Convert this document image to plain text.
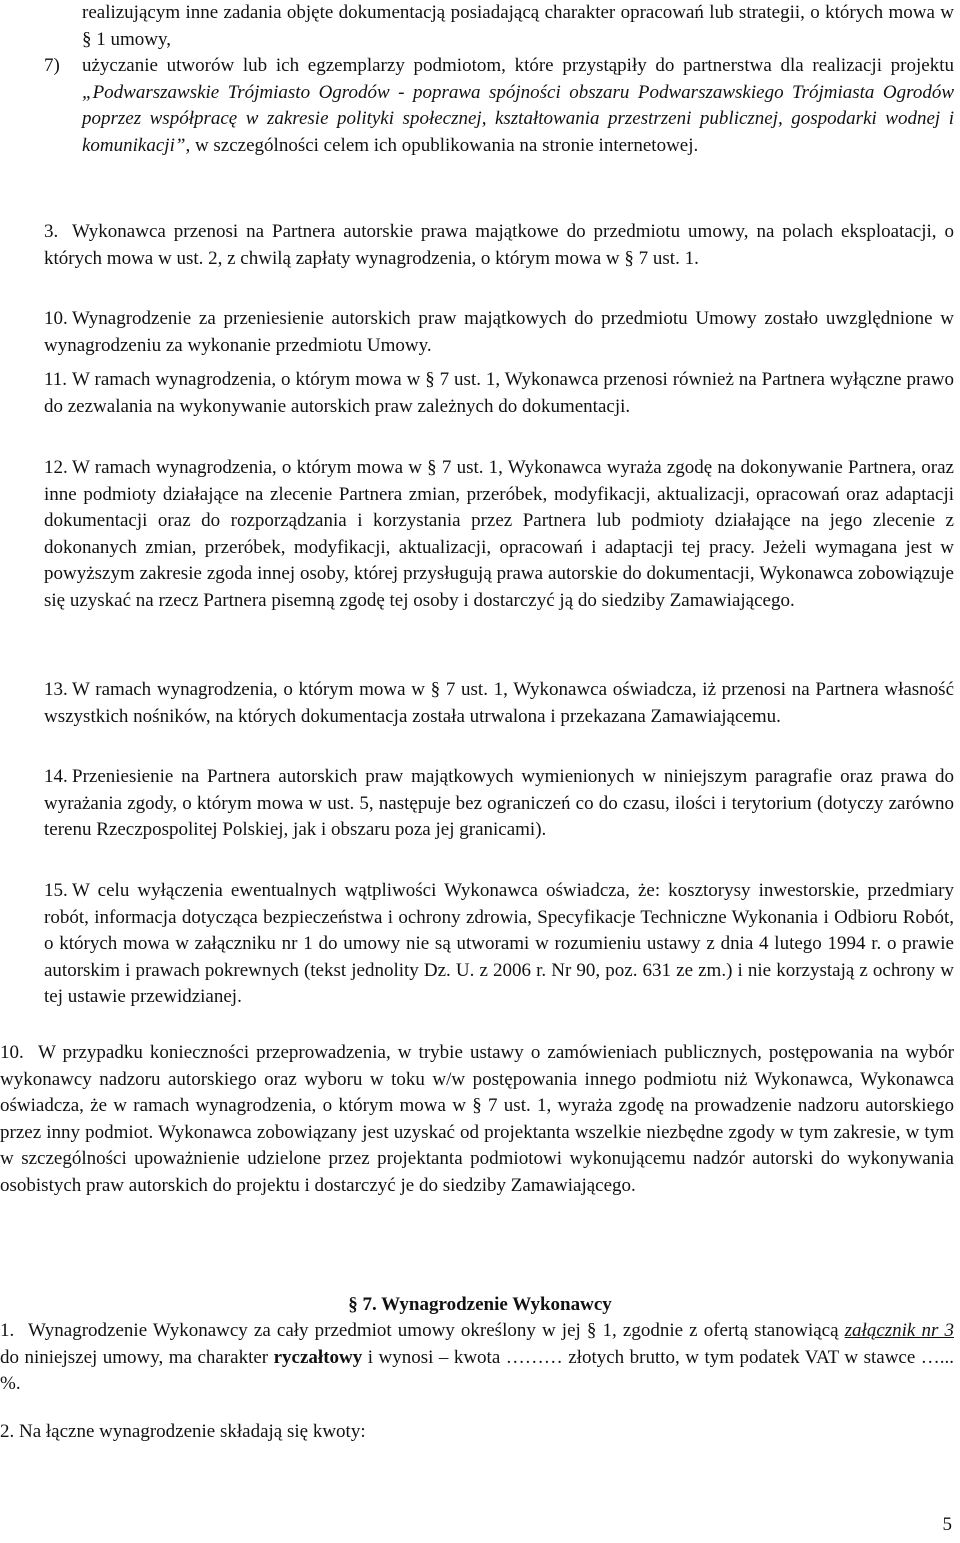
realizującym inne zadania objęte dokumentacją posiadającą charakter opracowań lub strategii, o których mowa w § 1 umowy,

7) użyczanie utworów lub ich egzemplarzy podmiotom, które przystąpiły do partnerstwa dla realizacji projektu „Podwarszawskie Trójmiasto Ogrodów - poprawa spójności obszaru Podwarszawskiego Trójmiasta Ogrodów poprzez współpracę w zakresie polityki społecznej, kształtowania przestrzeni publicznej, gospodarki wodnej i komunikacji”, w szczególności celem ich opublikowania na stronie internetowej.

3. Wykonawca przenosi na Partnera autorskie prawa majątkowe do przedmiotu umowy, na polach eksploatacji, o których mowa w ust. 2, z chwilą zapłaty wynagrodzenia, o którym mowa w § 7 ust. 1.

10. Wynagrodzenie za przeniesienie autorskich praw majątkowych do przedmiotu Umowy zostało uwzględnione w wynagrodzeniu za wykonanie przedmiotu Umowy.

11. W ramach wynagrodzenia, o którym mowa w § 7 ust. 1, Wykonawca przenosi również na Partnera wyłączne prawo do zezwalania na wykonywanie autorskich praw zależnych do dokumentacji.

12. W ramach wynagrodzenia, o którym mowa w § 7 ust. 1, Wykonawca wyraża zgodę na dokonywanie Partnera, oraz inne podmioty działające na zlecenie Partnera zmian, przeróbek, modyfikacji, aktualizacji, opracowań oraz adaptacji dokumentacji oraz do rozporządzania i korzystania przez Partnera lub podmioty działające na jego zlecenie z dokonanych zmian, przeróbek, modyfikacji, aktualizacji, opracowań i adaptacji tej pracy. Jeżeli wymagana jest w powyższym zakresie zgoda innej osoby, której przysługują prawa autorskie do dokumentacji, Wykonawca zobowiązuje się uzyskać na rzecz Partnera pisemną zgodę tej osoby i dostarczyć ją do siedziby Zamawiającego.

13. W ramach wynagrodzenia, o którym mowa w § 7 ust. 1, Wykonawca oświadcza, iż przenosi na Partnera własność wszystkich nośników, na których dokumentacja została utrwalona i przekazana Zamawiającemu.

14. Przeniesienie na Partnera autorskich praw majątkowych wymienionych w niniejszym paragrafie oraz prawa do wyrażania zgody, o którym mowa w ust. 5, następuje bez ograniczeń co do czasu, ilości i terytorium (dotyczy zarówno terenu Rzeczpospolitej Polskiej, jak i obszaru poza jej granicami).

15. W celu wyłączenia ewentualnych wątpliwości Wykonawca oświadcza, że: kosztorysy inwestorskie, przedmiary robót, informacja dotycząca bezpieczeństwa i ochrony zdrowia, Specyfikacje Techniczne Wykonania i Odbioru Robót, o których mowa w załączniku nr 1 do umowy nie są utworami w rozumieniu ustawy z dnia 4 lutego 1994 r. o prawie autorskim i prawach pokrewnych (tekst jednolity Dz. U. z 2006 r. Nr 90, poz. 631 ze zm.) i nie korzystają z ochrony w tej ustawie przewidzianej.

10. W przypadku konieczności przeprowadzenia, w trybie ustawy o zamówieniach publicznych, postępowania na wybór wykonawcy nadzoru autorskiego oraz wyboru w toku w/w postępowania innego podmiotu niż Wykonawca, Wykonawca oświadcza, że w ramach wynagrodzenia, o którym mowa w § 7 ust. 1, wyraża zgodę na prowadzenie nadzoru autorskiego przez inny podmiot. Wykonawca zobowiązany jest uzyskać od projektanta wszelkie niezbędne zgody w tym zakresie, w tym w szczególności upoważnienie udzielone przez projektanta podmiotowi wykonującemu nadzór autorski do wykonywania osobistych praw autorskich do projektu i dostarczyć je do siedziby Zamawiającego.

§ 7. Wynagrodzenie Wykonawcy
1. Wynagrodzenie Wykonawcy za cały przedmiot umowy określony w jej § 1, zgodnie z ofertą stanowiącą załącznik nr 3 do niniejszej umowy, ma charakter ryczałtowy i wynosi – kwota ……… złotych brutto, w tym podatek VAT w stawce …... %.

2. Na łączne wynagrodzenie składają się kwoty:

5
